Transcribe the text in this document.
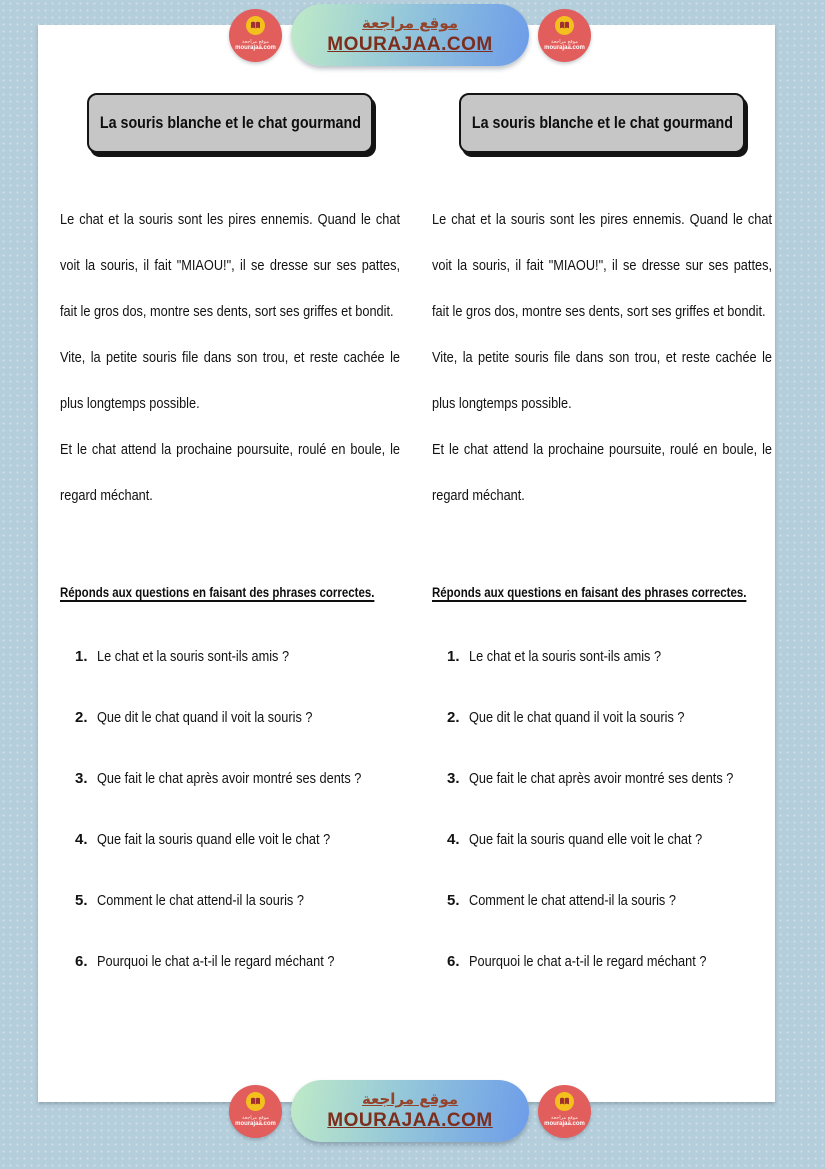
موقع مراجعة
mourajaa.com
موقع مراجعة
MOURAJAA.COM	موقع مراجعة
mourajaa.com
La souris blanche et le chat gourmand

Le chat et la souris sont les pires ennemis. Quand le chat voit la souris, il fait "MIAOU!", il se dresse sur ses pattes, fait le gros dos, montre ses dents, sort ses griffes et bondit.

Vite, la petite souris file dans son trou, et reste cachée le plus longtemps possible.

Et le chat attend la prochaine poursuite, roulé en boule, le regard méchant.

Réponds aux questions en faisant des phrases correctes.
1. Le chat et la souris sont-ils amis ?
2. Que dit le chat quand il voit la souris ?
3. Que fait le chat après avoir montré ses dents ?
4. Que fait la souris quand elle voit le chat ?
5. Comment le chat attend-il la souris ?
6. Pourquoi le chat a-t-il le regard méchant ?
La souris blanche et le chat gourmand

Le chat et la souris sont les pires ennemis. Quand le chat voit la souris, il fait "MIAOU!", il se dresse sur ses pattes, fait le gros dos, montre ses dents, sort ses griffes et bondit.

Vite, la petite souris file dans son trou, et reste cachée le plus longtemps possible.

Et le chat attend la prochaine poursuite, roulé en boule, le regard méchant.

Réponds aux questions en faisant des phrases correctes.
1. Le chat et la souris sont-ils amis ?
2. Que dit le chat quand il voit la souris ?
3. Que fait le chat après avoir montré ses dents ?
4. Que fait la souris quand elle voit le chat ?
5. Comment le chat attend-il la souris ?
6. Pourquoi le chat a-t-il le regard méchant ?
موقع مراجعة
mourajaa.com
موقع مراجعة
MOURAJAA.COM	موقع مراجعة
mourajaa.com
